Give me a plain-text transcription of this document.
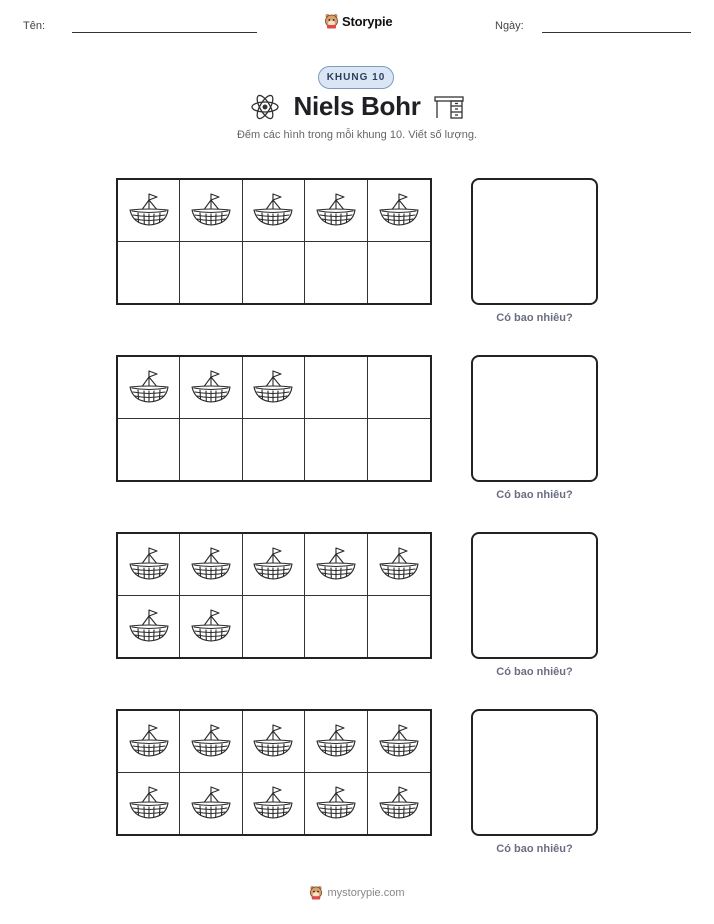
Tên:	Storypie	Ngày:
KHUNG 10
Niels Bohr
Đếm các hình trong mỗi khung 10. Viết số lượng.
Có bao nhiêu?
Có bao nhiêu?
Có bao nhiêu?
Có bao nhiêu?
mystorypie.com
